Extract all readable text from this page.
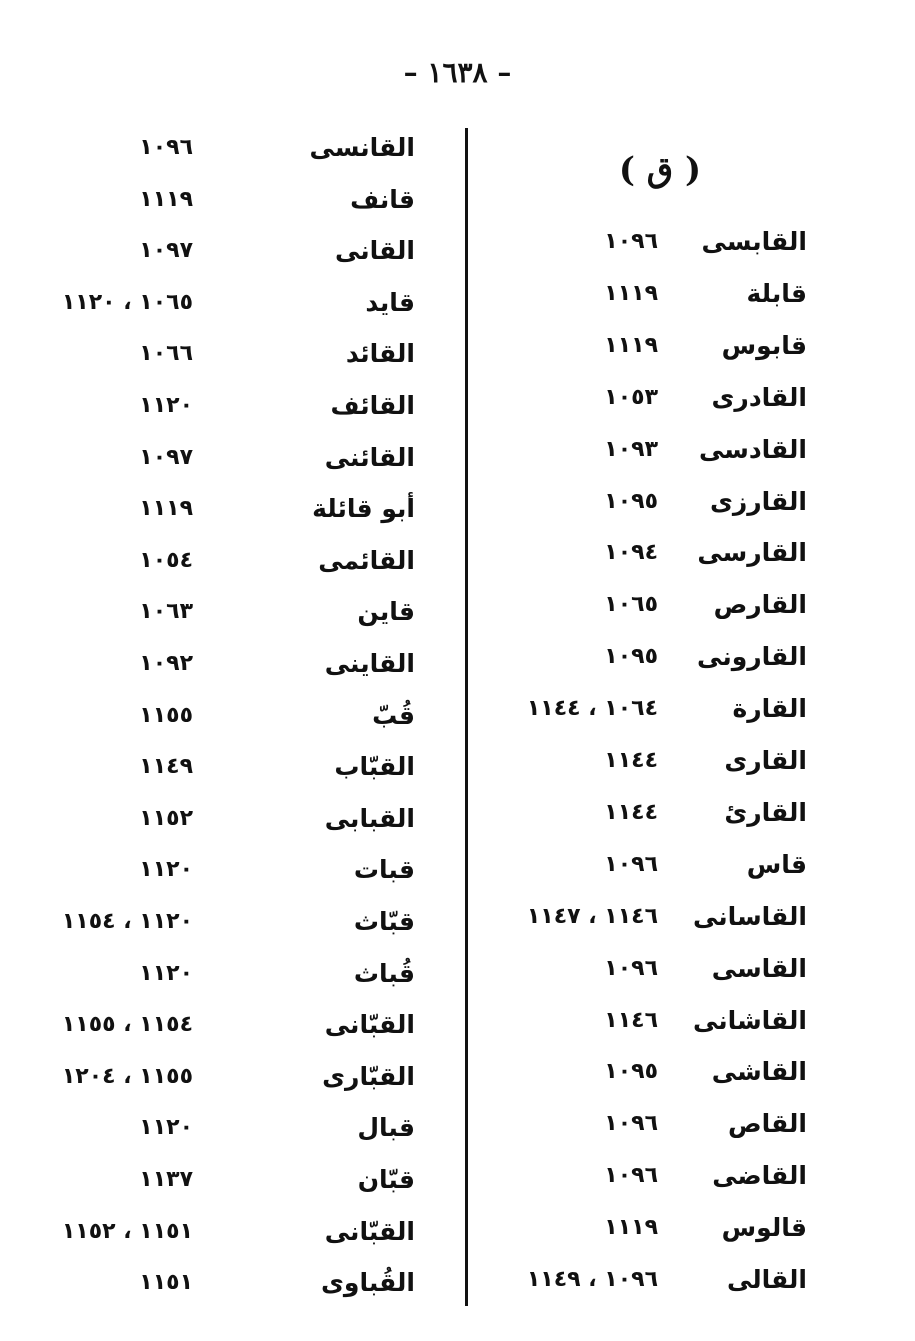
– ١٦٣٨ –
( ق )
القانسى
١٠٩٦
قانف
١١١٩
القانى
١٠٩٧
قايد
١٠٦٥ ، ١١٢٠
القائد
١٠٦٦
القائف
١١٢٠
القائنى
١٠٩٧
أبو قائلة
١١١٩
القائمى
١٠٥٤
قاين
١٠٦٣
القاينى
١٠٩٢
قُبّ
١١٥٥
القبّاب
١١٤٩
القبابى
١١٥٢
قبات
١١٢٠
قبّاث
١١٢٠ ، ١١٥٤
قُباث
١١٢٠
القبّانى
١١٥٤ ، ١١٥٥
القبّارى
١١٥٥ ، ١٢٠٤
قبال
١١٢٠
قبّان
١١٣٧
القبّانى
١١٥١ ، ١١٥٢
القُباوى
١١٥١
القابسى
١٠٩٦
قابلة
١١١٩
قابوس
١١١٩
القادرى
١٠٥٣
القادسى
١٠٩٣
القارزى
١٠٩٥
القارسى
١٠٩٤
القارص
١٠٦٥
القارونى
١٠٩٥
القارة
١٠٦٤ ، ١١٤٤
القارى
١١٤٤
القارئ
١١٤٤
قاس
١٠٩٦
القاسانى
١١٤٦ ، ١١٤٧
القاسى
١٠٩٦
القاشانى
١١٤٦
القاشى
١٠٩٥
القاص
١٠٩٦
القاضى
١٠٩٦
قالوس
١١١٩
القالى
١٠٩٦ ، ١١٤٩
